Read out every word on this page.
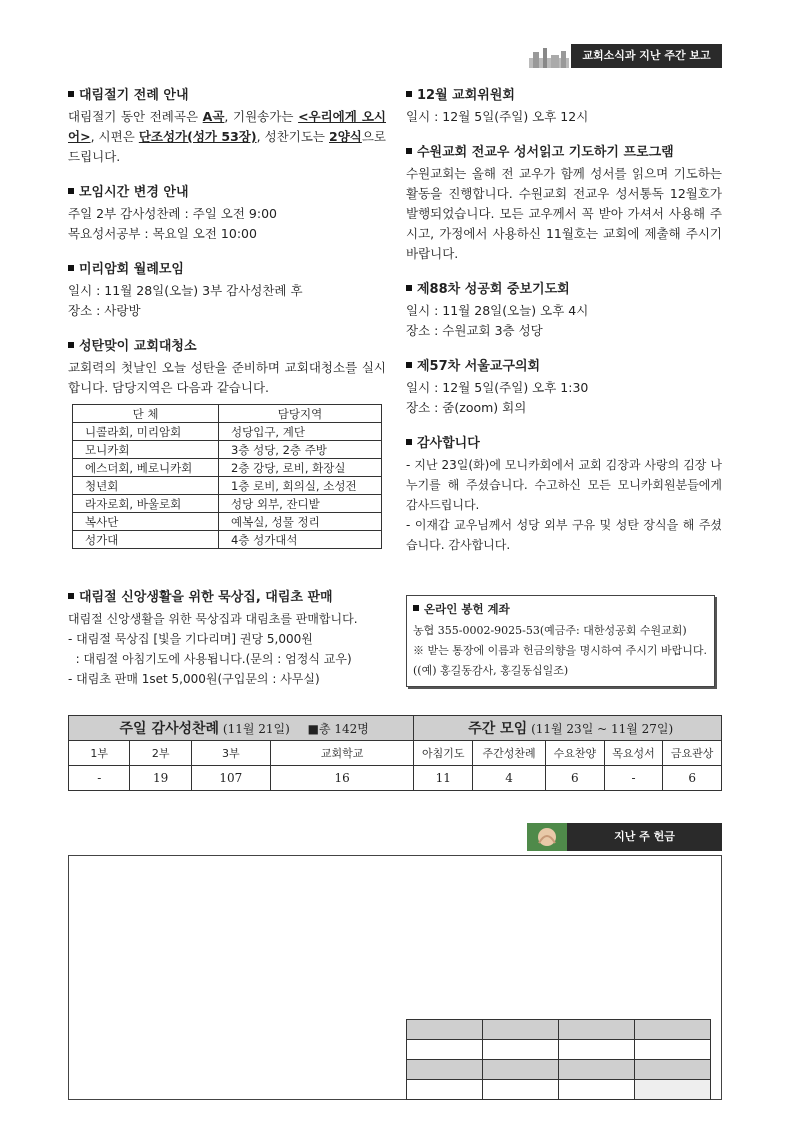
교회소식과 지난 주간 보고

대림절기 전례 안내

대림절기 동안 전례곡은 A곡, 기원송가는 <우리에게 오시어>, 시편은 단조성가(성가 53장), 성찬기도는 2양식으로 드립니다.

모임시간 변경 안내

주일 2부 감사성찬례 : 주일 오전 9:00

목요성서공부 : 목요일 오전 10:00

미리암회 월례모임

일시 : 11월 28일(오늘) 3부 감사성찬례 후

장소 : 사랑방

성탄맞이 교회대청소

교회력의 첫날인 오늘 성탄을 준비하며 교회대청소를 실시합니다. 담당지역은 다음과 같습니다.

단 체	담당지역
니콜라회, 미리암회	성당입구, 계단
모니카회	3층 성당, 2층 주방
에스더회, 베로니카회	2층 강당, 로비, 화장실
청년회	1층 로비, 회의실, 소성전
라자로회, 바울로회	성당 외부, 잔디밭
복사단	예복실, 성물 정리
성가대	4층 성가대석

대림절 신앙생활을 위한 묵상집, 대림초 판매

대림절 신앙생활을 위한 묵상집과 대림초를 판매합니다.

- 대림절 묵상집 [빛을 기다리며] 권당 5,000원

: 대림절 아침기도에 사용됩니다.(문의 : 엄정식 교우)

- 대림초 판매 1set 5,000원(구입문의 : 사무실)

12월 교회위원회

일시 : 12월 5일(주일) 오후 12시

수원교회 전교우 성서읽고 기도하기 프로그램

수원교회는 올해 전 교우가 함께 성서를 읽으며 기도하는 활동을 진행합니다. 수원교회 전교우 성서통독 12월호가 발행되었습니다. 모든 교우께서 꼭 받아 가셔서 사용해 주시고, 가정에서 사용하신 11월호는 교회에 제출해 주시기 바랍니다.

제88차 성공회 중보기도회

일시 : 11월 28일(오늘) 오후 4시

장소 : 수원교회 3층 성당

제57차 서울교구의회

일시 : 12월 5일(주일) 오후 1:30

장소 : 줌(zoom) 회의

감사합니다

- 지난 23일(화)에 모니카회에서 교회 김장과 사랑의 김장 나누기를 해 주셨습니다. 수고하신 모든 모니카회원분들에게 감사드립니다.

- 이재갑 교우님께서 성당 외부 구유 및 성탄 장식을 해 주셨습니다. 감사합니다.

온라인 봉헌 계좌

농협 355-0002-9025-53(예금주: 대한성공회 수원교회)

※ 받는 통장에 이름과 헌금의향을 명시하여 주시기 바랍니다.((예) 홍길동감사, 홍길동십일조)

주일 감사성찬례 (11월 21일) ■총 142명				주간 모임 (11월 23일 ~ 11월 27일)				
1부	2부	3부	교회학교	아침기도	주간성찬례	수요찬양	목요성서	금요관상
-	19	107	16	11	4	6	-	6
지난 주 헌금
